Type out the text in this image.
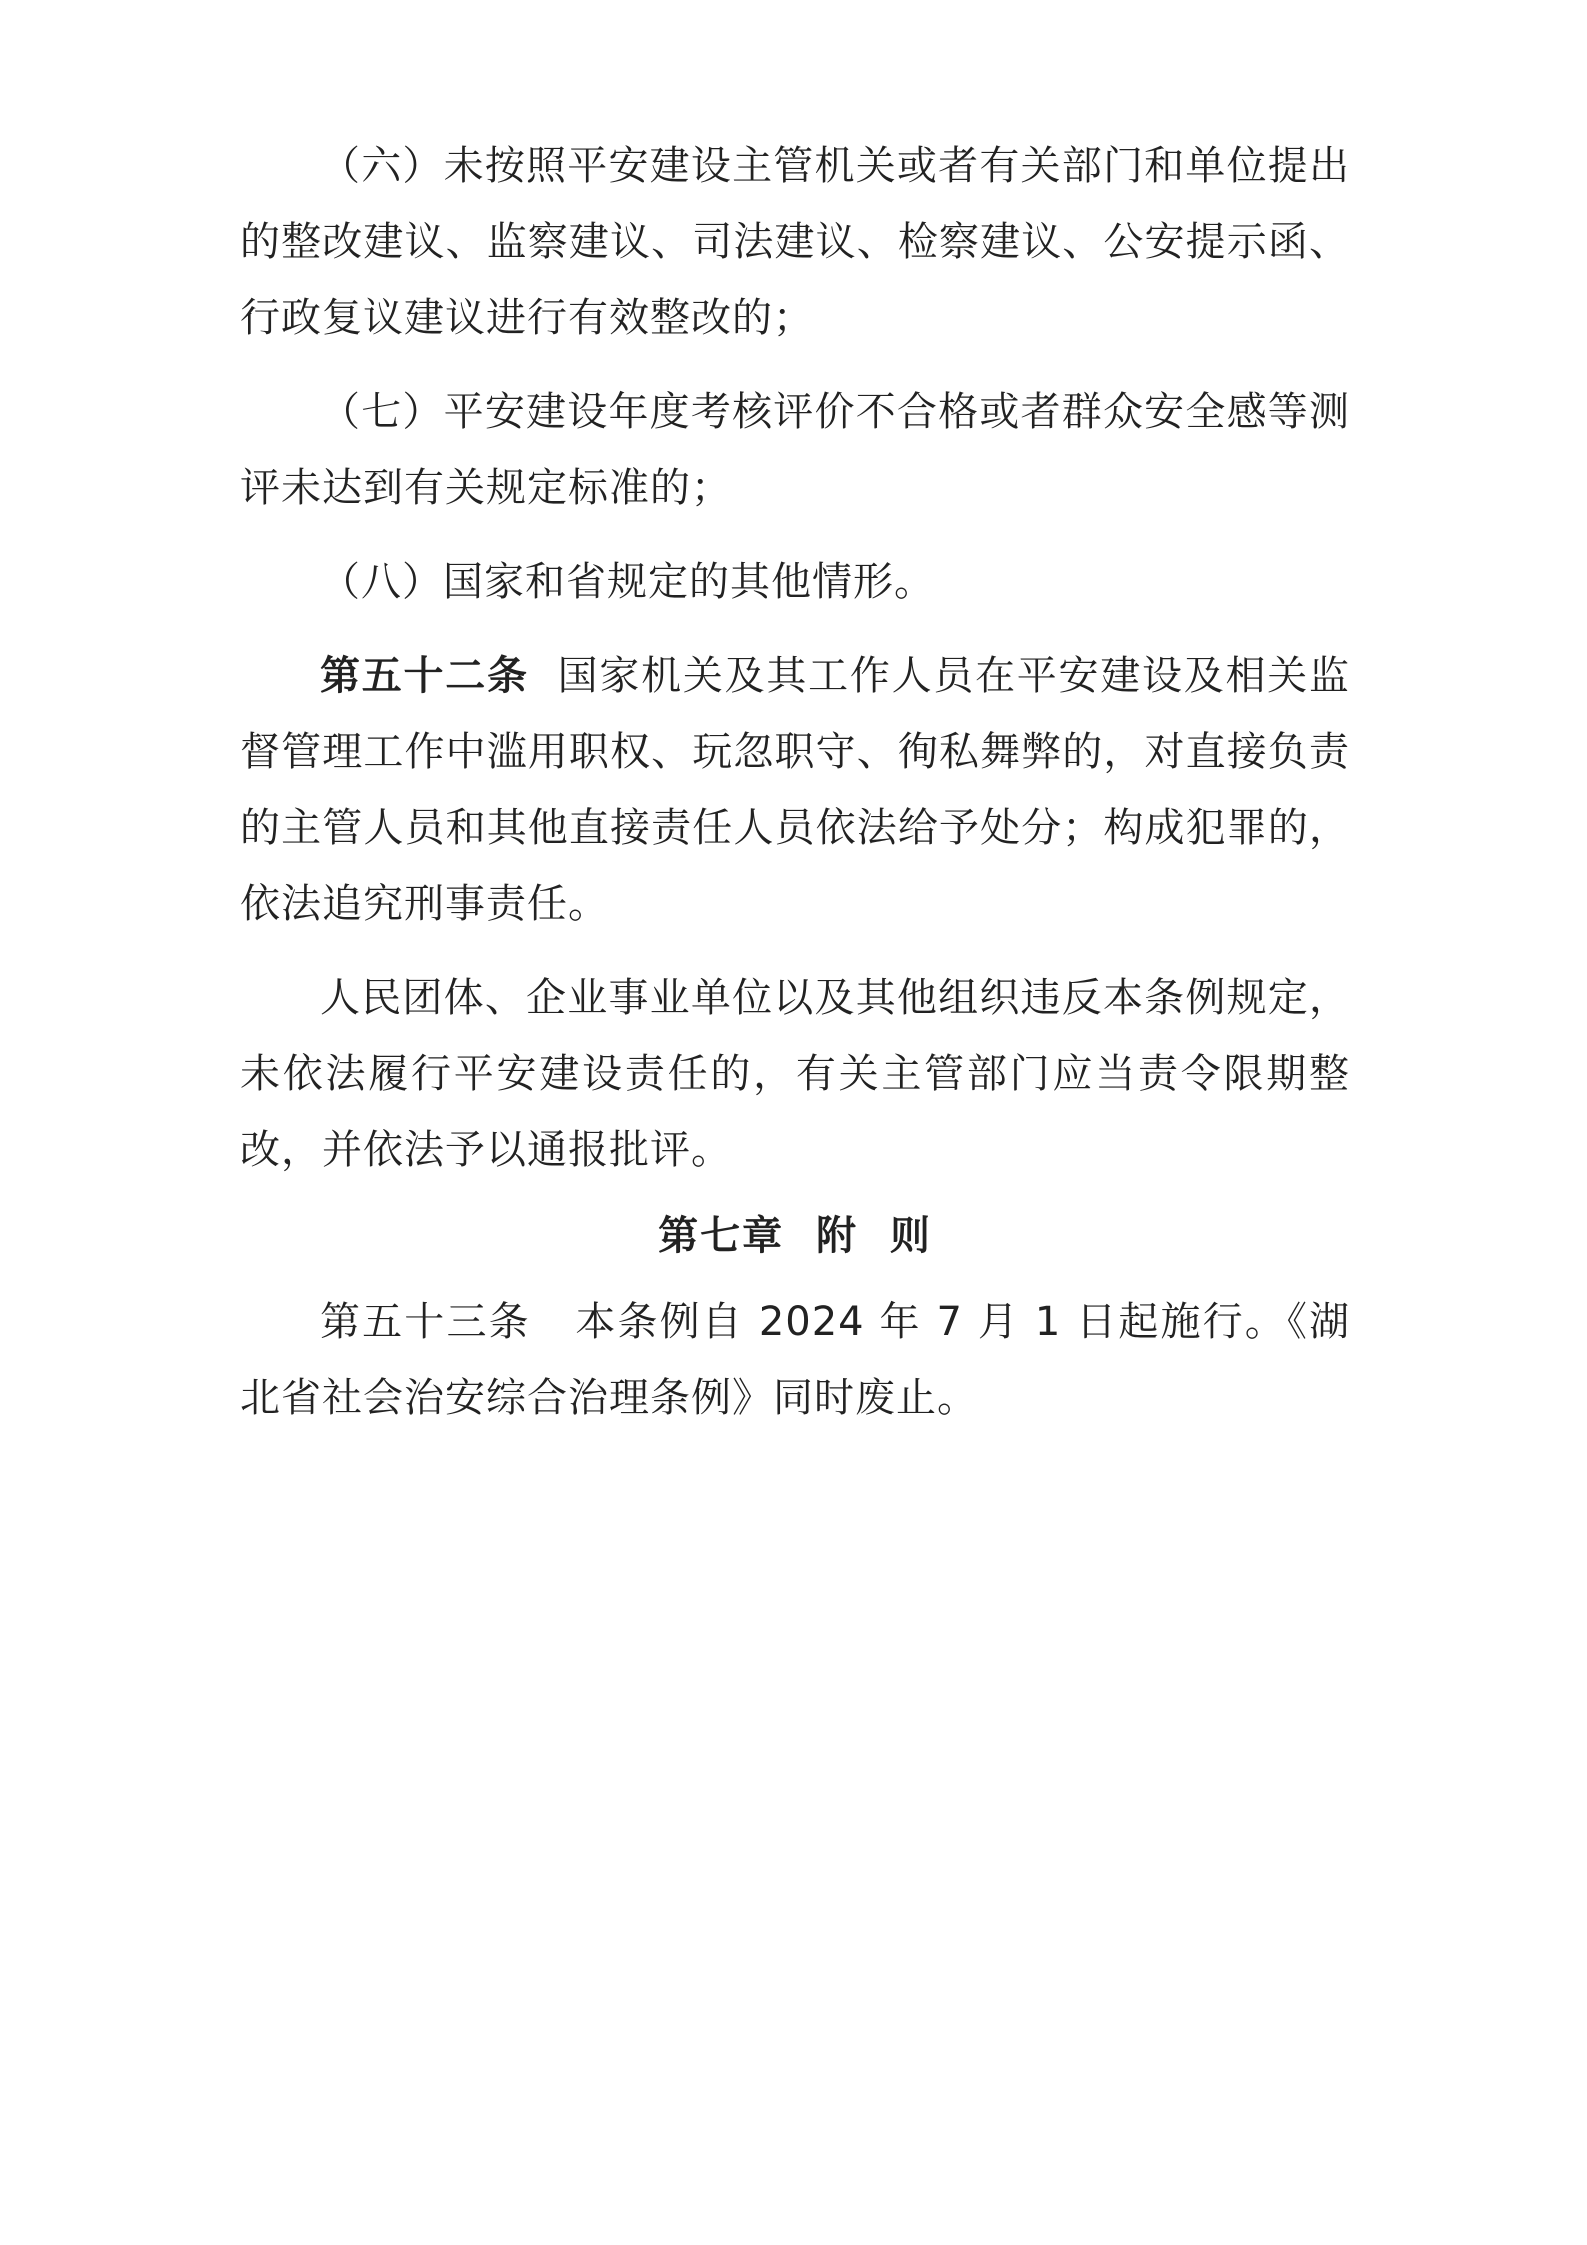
（六）未按照平安建设主管机关或者有关部门和单位提出的整改建议、监察建议、司法建议、检察建议、公安提示函、行政复议建议进行有效整改的；

（七）平安建设年度考核评价不合格或者群众安全感等测评未达到有关规定标准的；

（八）国家和省规定的其他情形。

第五十二条 国家机关及其工作人员在平安建设及相关监督管理工作中滥用职权、玩忽职守、徇私舞弊的，对直接负责的主管人员和其他直接责任人员依法给予处分；构成犯罪的，依法追究刑事责任。

人民团体、企业事业单位以及其他组织违反本条例规定，未依法履行平安建设责任的，有关主管部门应当责令限期整改，并依法予以通报批评。

第七章  附  则

第五十三条 本条例自 2024 年 7 月 1 日起施行。《湖北省社会治安综合治理条例》同时废止。
